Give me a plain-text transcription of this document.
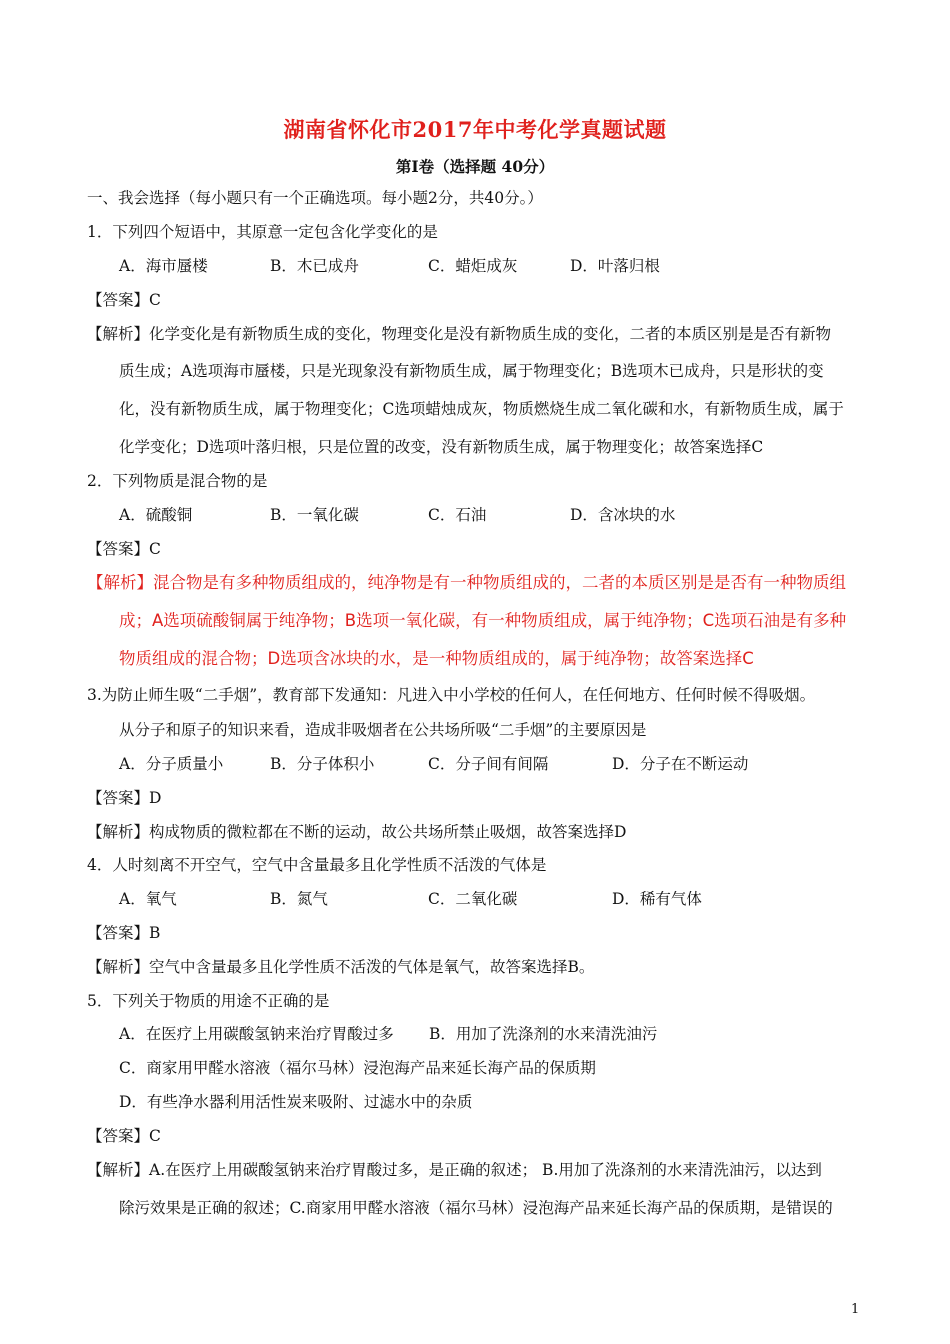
湖南省怀化市2017年中考化学真题试题
第Ⅰ卷（选择题 40分）
一、我会选择（每小题只有一个正确选项。每小题2分，共40分。）
1．下列四个短语中，其原意一定包含化学变化的是
A．海市蜃楼	B．木已成舟	C．蜡炬成灰	D．叶落归根
【答案】C
【解析】化学变化是有新物质生成的变化，物理变化是没有新物质生成的变化，二者的本质区别是是否有新物
质生成；A选项海市蜃楼，只是光现象没有新物质生成，属于物理变化；B选项木已成舟，只是形状的变
化，没有新物质生成，属于物理变化；C选项蜡烛成灰，物质燃烧生成二氧化碳和水，有新物质生成，属于
化学变化；D选项叶落归根，只是位置的改变，没有新物质生成，属于物理变化；故答案选择C
2．下列物质是混合物的是
A．硫酸铜	B．一氧化碳	C．石油	D．含冰块的水
【答案】C
【解析】混合物是有多种物质组成的，纯净物是有一种物质组成的，二者的本质区别是是否有一种物质组
成；A选项硫酸铜属于纯净物；B选项一氧化碳，有一种物质组成，属于纯净物；C选项石油是有多种
物质组成的混合物；D选项含冰块的水，是一种物质组成的，属于纯净物；故答案选择C
3.为防止师生吸“二手烟”，教育部下发通知：凡进入中小学校的任何人，在任何地方、任何时候不得吸烟。
从分子和原子的知识来看，造成非吸烟者在公共场所吸“二手烟”的主要原因是
A．分子质量小	B．分子体积小	C．分子间有间隔	D．分子在不断运动
【答案】D
【解析】构成物质的微粒都在不断的运动，故公共场所禁止吸烟，故答案选择D
4．人时刻离不开空气，空气中含量最多且化学性质不活泼的气体是
A．氧气	B．氮气	C．二氧化碳	D．稀有气体
【答案】B
【解析】空气中含量最多且化学性质不活泼的气体是氧气，故答案选择B。
5．下列关于物质的用途不正确的是
A．在医疗上用碳酸氢钠来治疗胃酸过多 B．用加了洗涤剂的水来清洗油污
C．商家用甲醛水溶液（福尔马林）浸泡海产品来延长海产品的保质期
D．有些净水器利用活性炭来吸附、过滤水中的杂质
【答案】C
【解析】A.在医疗上用碳酸氢钠来治疗胃酸过多，是正确的叙述； B.用加了洗涤剂的水来清洗油污，以达到
除污效果是正确的叙述；C.商家用甲醛水溶液（福尔马林）浸泡海产品来延长海产品的保质期，是错误的
1
